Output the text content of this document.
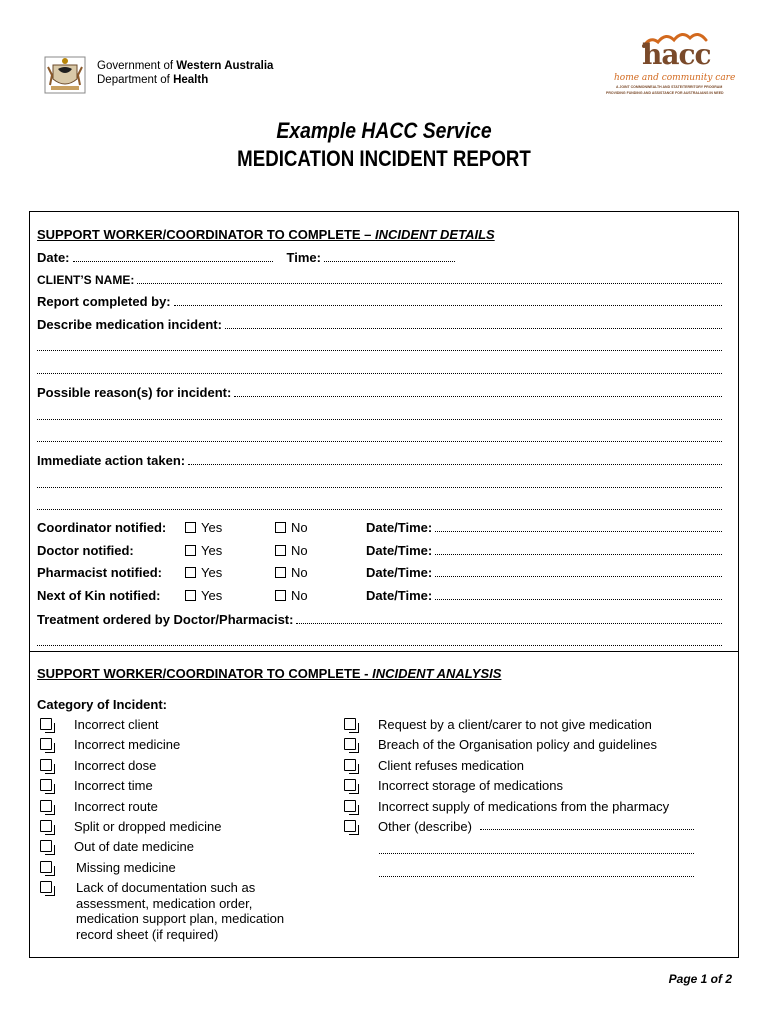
Government of Western Australia
Department of Health
hacc
home and community care
A JOINT COMMONWEALTH AND STATE/TERRITORY PROGRAM
PROVIDING FUNDING AND ASSISTANCE FOR AUSTRALIANS IN NEED
Example HACC Service
MEDICATION INCIDENT REPORT
SUPPORT WORKER/COORDINATOR TO COMPLETE – INCIDENT DETAILS
Date:	Time:
CLIENT’S NAME:
Report completed by:
Describe medication incident:
Possible reason(s) for incident:
Immediate action taken:
Coordinator notified:	Yes	No	Date/Time:
Doctor notified:	Yes	No	Date/Time:
Pharmacist notified:	Yes	No	Date/Time:
Next of Kin notified:	Yes	No	Date/Time:
Treatment ordered by Doctor/Pharmacist:
SUPPORT WORKER/COORDINATOR TO COMPLETE - INCIDENT ANALYSIS
Category of Incident:
Incorrect client
Incorrect medicine
Incorrect dose
Incorrect time
Incorrect route
Split or dropped medicine
Out of date medicine
Missing medicine
Lack of documentation such as
assessment, medication order,
medication support plan, medication
record sheet (if required)
Request by a client/carer to not give medication
Breach of the Organisation policy and guidelines
Client refuses medication
Incorrect storage of medications
Incorrect supply of medications from the pharmacy
Other (describe)
Page 1 of 2
